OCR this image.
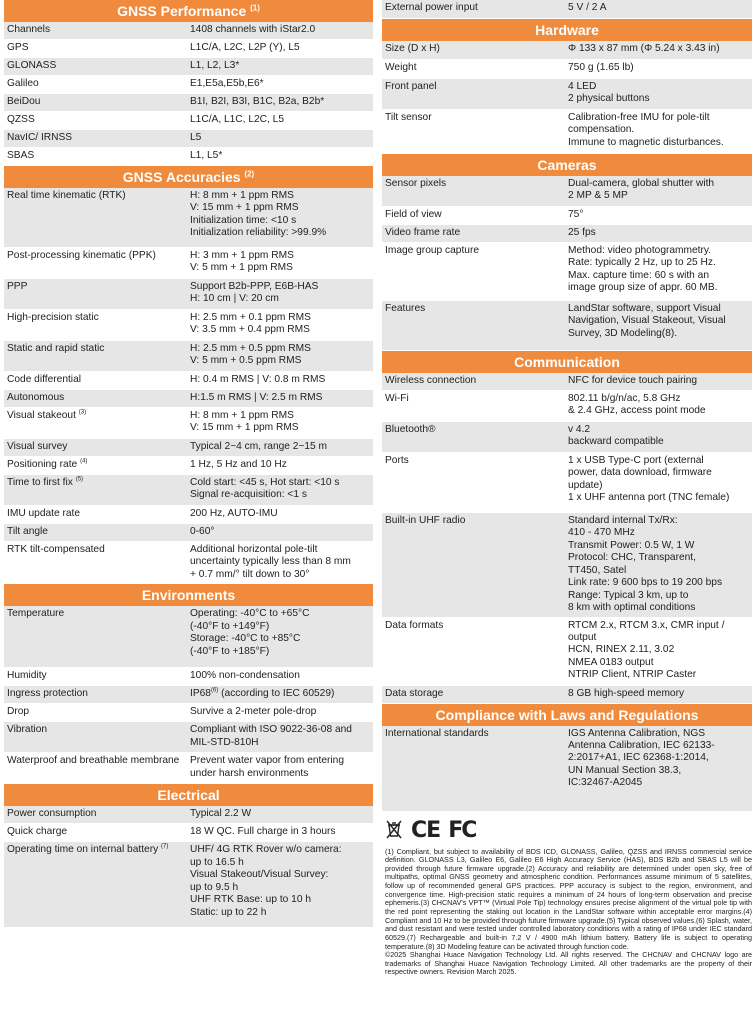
GNSS Performance $^{(1)}$
Channels	1408 channels with iStar2.0
GPS	L1C/A, L2C, L2P (Y), L5
GLONASS	L1, L2, L3*
Galileo	E1,E5a,E5b,E6*
BeiDou	B1I, B2I, B3I, B1C, B2a, B2b*
QZSS	L1C/A, L1C, L2C, L5
NavIC/ IRNSS	L5
SBAS	L1, L5*
GNSS Accuracies $^{(2)}$
Real time kinematic (RTK)	H: 8 mm + 1 ppm RMS
V: 15 mm + 1 ppm RMS
Initialization time: <10 s
Initialization reliability: >99.9%
Post-processing kinematic (PPK)	H: 3 mm + 1 ppm RMS
V: 5 mm + 1 ppm RMS
PPP	Support B2b-PPP, E6B-HAS
H: 10 cm | V: 20 cm
High-precision static	H: 2.5 mm + 0.1 ppm RMS
V: 3.5 mm + 0.4 ppm RMS
Static and rapid static	H: 2.5 mm + 0.5 ppm RMS
V: 5 mm + 0.5 ppm RMS
Code differential	H: 0.4 m RMS | V: 0.8 m RMS
Autonomous	H:1.5 m RMS | V: 2.5 m RMS
Visual stakeout $^{(3)}$	H: 8 mm + 1 ppm RMS
V: 15 mm + 1 ppm RMS
Visual survey	Typical 2~4 cm, range 2~15 m
Positioning rate $^{(4)}$	1 Hz, 5 Hz and 10 Hz
Time to first fix $^{(5)}$	Cold start: <45 s, Hot start: <10 s
Signal re-acquisition: <1 s
IMU update rate	200 Hz, AUTO-IMU
Tilt angle	0-60°
RTK tilt-compensated	Additional horizontal pole-tilt
uncertainty typically less than 8 mm
+ 0.7 mm/° tilt down to 30°
Environments
Temperature	Operating: -40°C to +65°C
(-40°F to +149°F)
Storage: -40°C to +85°C
(-40°F to +185°F)
Humidity	100% non-condensation
Ingress protection	IP68$^{(6)}$ (according to IEC 60529)
Drop	Survive a 2-meter pole-drop
Vibration	Compliant with ISO 9022-36-08 and
MIL-STD-810H
Waterproof and breathable membrane	Prevent water vapor from entering
under harsh environments
Electrical
Power consumption	Typical 2.2 W
Quick charge	18 W QC. Full charge in 3 hours
Operating time on internal battery $^{(7)}$	UHF/ 4G RTK Rover w/o camera:
up to 16.5 h
Visual Stakeout/Visual Survey:
up to 9.5 h
UHF RTK Base: up to 10 h
Static: up to 22 h
External power input	5 V / 2 A
Hardware
Size (D x H)	Φ 133 x 87 mm (Φ 5.24 x 3.43 in)
Weight	750 g (1.65 lb)
Front panel	4 LED
2 physical buttons
Tilt sensor	Calibration-free IMU for pole-tilt
compensation.
Immune to magnetic disturbances.
Cameras
Sensor pixels	Dual-camera, global shutter with
2 MP & 5 MP
Field of view	75°
Video frame rate	25 fps
Image group capture	Method: video photogrammetry.
Rate: typically 2 Hz, up to 25 Hz.
Max. capture time: 60 s with an
image group size of appr. 60 MB.
Features	LandStar software, support Visual
Navigation, Visual Stakeout, Visual
Survey, 3D Modeling(8).
Communication
Wireless connection	NFC for device touch pairing
Wi-Fi	802.11 b/g/n/ac, 5.8 GHz
& 2.4 GHz, access point mode
Bluetooth®	v 4.2
backward compatible
Ports	1 x USB Type-C port (external
power, data download, firmware
update)
1 x UHF antenna port (TNC female)
Built-in UHF radio	Standard internal Tx/Rx:
410 - 470 MHz
Transmit Power: 0.5 W, 1 W
Protocol: CHC, Transparent,
TT450, Satel
Link rate: 9 600 bps to 19 200 bps
Range: Typical 3 km, up to
8 km with optimal conditions
Data formats	RTCM 2.x, RTCM 3.x, CMR input /
output
HCN, RINEX 2.11, 3.02
NMEA 0183 output
NTRIP Client, NTRIP Caster
Data storage	8 GB high-speed memory
Compliance with Laws and Regulations
International standards	IGS Antenna Calibration, NGS
Antenna Calibration, IEC 62133-
2:2017+A1, IEC 62368-1:2014,
UN Manual Section 38.3,
IC:32467-A2045
CE FC

(1) Compliant, but subject to availability of BDS ICD, GLONASS, Galileo, QZSS and IRNSS commercial service definition. GLONASS L3, Galileo E6, Galileo E6 High Accuracy Service (HAS), BDS B2b and SBAS L5 will be provided through future firmware upgrade.(2) Accuracy and reliability are determined under open sky, free of multipaths, optimal GNSS geometry and atmospheric condition. Performances assume minimum of 5 satellites, follow up of recommended general GPS practices. PPP accuracy is subject to the region, environment, and convergence time. High-precision static requires a minimum of 24 hours of long-term observation and precise ephemeris.(3) CHCNAV's VPT™ (Virtual Pole Tip) technology ensures precise alignment of the virtual pole tip with the red point representing the staking out location in the LandStar software within acceptable error margins.(4) Compliant and 10 Hz to be provided through future firmware upgrade.(5) Typical observed values.(6) Splash, water, and dust resistant and were tested under controlled laboratory conditions with a rating of IP68 under IEC standard 60529.(7) Rechargeable and built-in 7.2 V / 4900 mAh lithium battery. Battery life is subject to operating temperature.(8) 3D Modeling feature can be activated through function code.

©2025 Shanghai Huace Navigation Technology Ltd. All rights reserved. The CHCNAV and CHCNAV logo are trademarks of Shanghai Huace Navigation Technology Limited. All other trademarks are the property of their respective owners. Revision March 2025.
